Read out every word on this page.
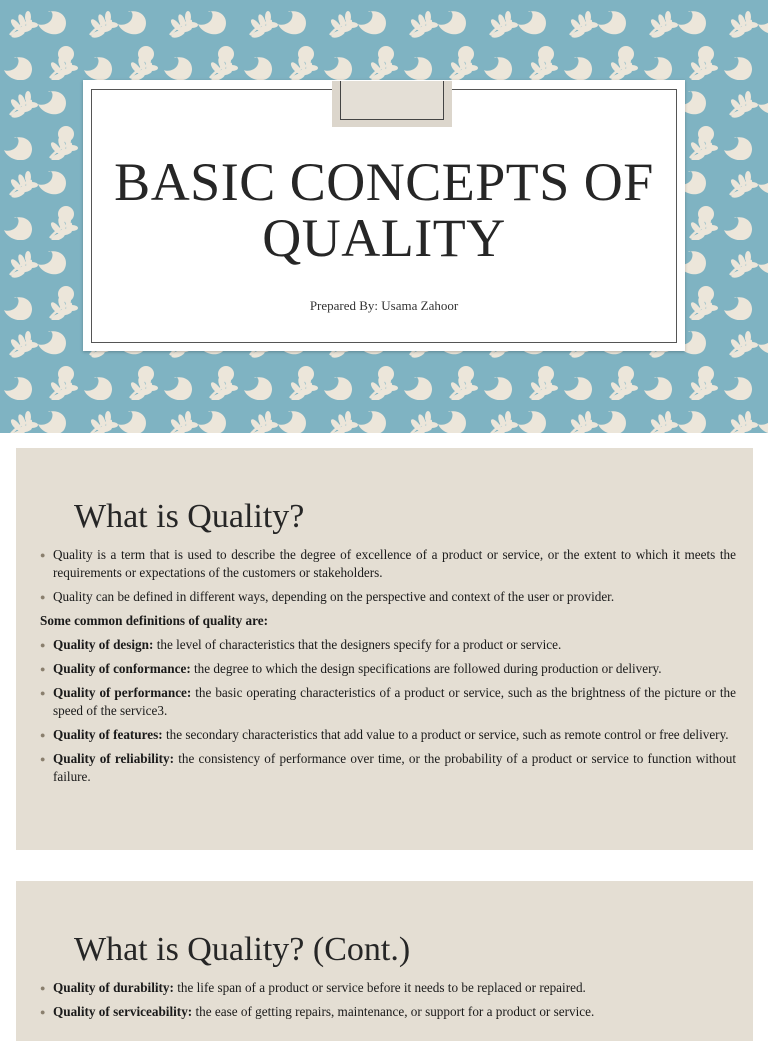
BASIC CONCEPTS OF QUALITY
Prepared By: Usama Zahoor
What is Quality?
● Quality is a term that is used to describe the degree of excellence of a product or service, or the extent to which it meets the requirements or expectations of the customers or stakeholders.
● Quality can be defined in different ways, depending on the perspective and context of the user or provider.

Some common definitions of quality are:

● Quality of design: the level of characteristics that the designers specify for a product or service.
● Quality of conformance: the degree to which the design specifications are followed during production or delivery.
● Quality of performance: the basic operating characteristics of a product or service, such as the brightness of the picture or the speed of the service3.
● Quality of features: the secondary characteristics that add value to a product or service, such as remote control or free delivery.
● Quality of reliability: the consistency of performance over time, or the probability of a product or service to function without failure.
What is Quality? (Cont.)
● Quality of durability: the life span of a product or service before it needs to be replaced or repaired.
● Quality of serviceability: the ease of getting repairs, maintenance, or support for a product or service.
